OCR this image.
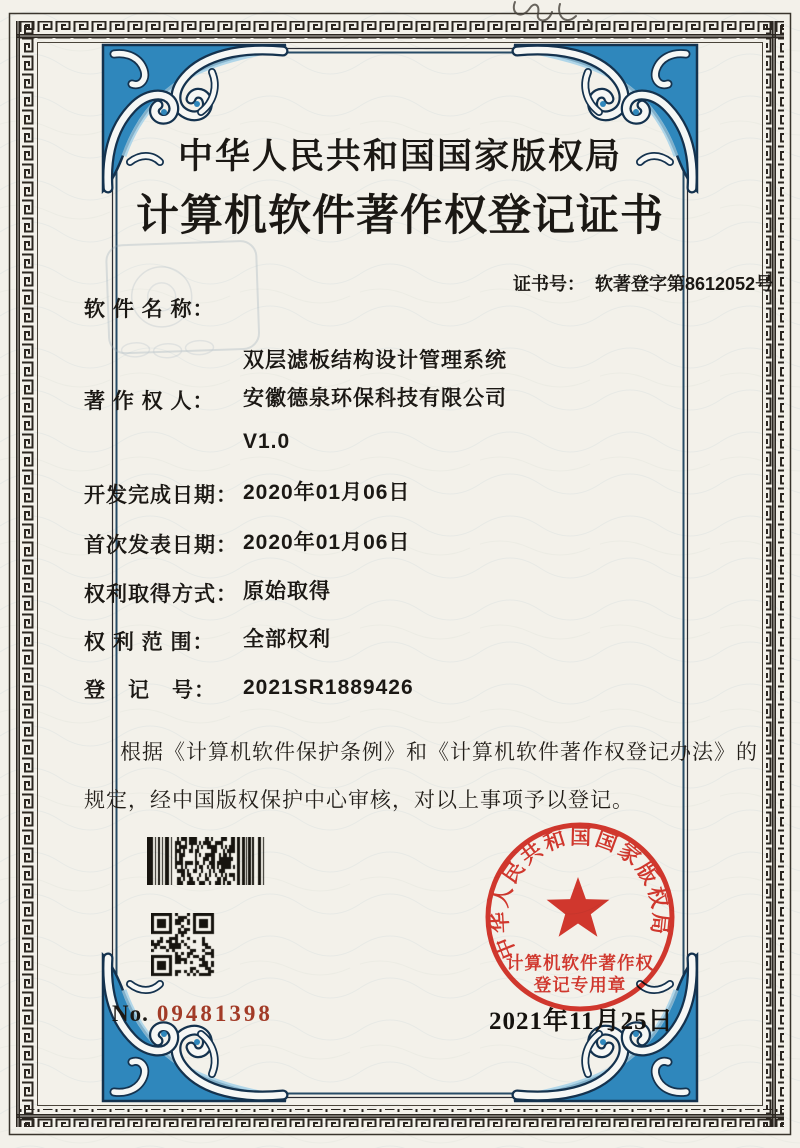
中华人民共和国国家版权局
计算机软件著作权登记证书

证书号： 软著登字第8612052号

软 件 名 称：

双层滤板结构设计管理系统

V1.0

著 作 权 人：	安徽德泉环保科技有限公司
开发完成日期： 2020年01月06日
首次发表日期： 2020年01月06日
权利取得方式： 原始取得
权 利 范 围：	全部权利
登　记　号：	2021SR1889426
根据《计算机软件保护条例》和《计算机软件著作权登记办法》的
规定，经中国版权保护中心审核，对以上事项予以登记。
No. 09481398
中华人民共和国国家版权局
计算机软件著作权
登记专用章
2021年11月25日
